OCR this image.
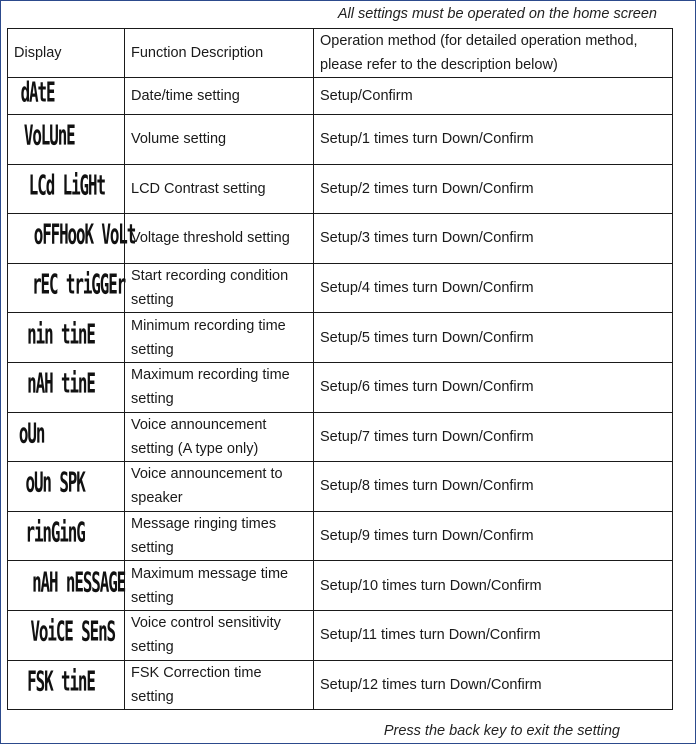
All settings must be operated on the home screen
Display	Function Description	Operation method (for detailed operation method, please refer to the description below)
dAtE	Date/time setting	Setup/Confirm
VoLUnE	Volume setting	Setup/1 times turn Down/Confirm
LCd LiGHt	LCD Contrast setting	Setup/2 times turn Down/Confirm
oFFHooK VoLt	Voltage threshold setting	Setup/3 times turn Down/Confirm
rEC triGGEr	Start recording condition setting	Setup/4 times turn Down/Confirm
nin tinE	Minimum recording time setting	Setup/5 times turn Down/Confirm
nAH tinE	Maximum recording time setting	Setup/6 times turn Down/Confirm
oUn	Voice announcement setting (A type only)	Setup/7 times turn Down/Confirm
oUn SPK	Voice announcement to speaker	Setup/8 times turn Down/Confirm
rinGinG	Message ringing times setting	Setup/9 times turn Down/Confirm
nAH nESSAGE	Maximum message time setting	Setup/10 times turn Down/Confirm
VoiCE SEnS	Voice control sensitivity setting	Setup/11 times turn Down/Confirm
FSK tinE	FSK Correction time setting	Setup/12 times turn Down/Confirm
Press the back key to exit the setting
